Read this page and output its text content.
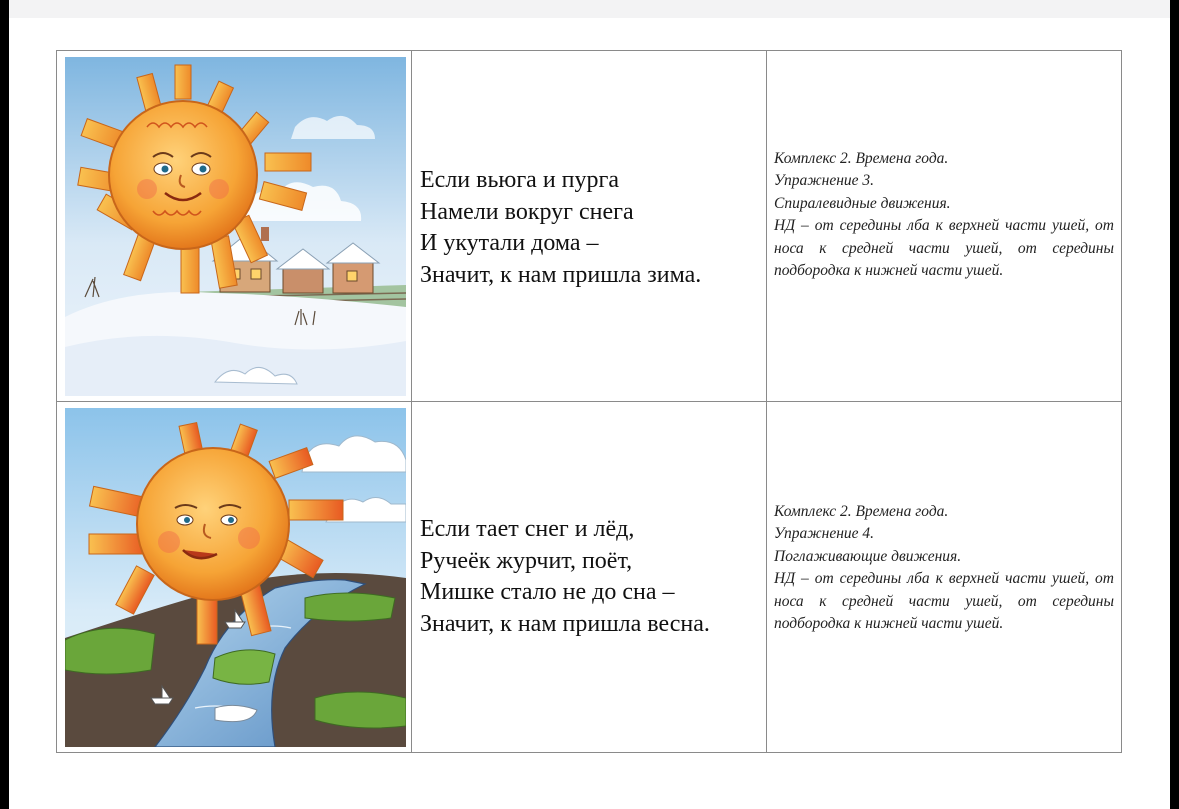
Если вьюга и пурга
Намели вокруг снега
И укутали дома –
Значит, к нам пришла зима.
Комплекс 2. Времена года.
Упражнение 3.
Спиралевидные движения.
НД – от середины лба к верхней части ушей, от носа к средней части ушей, от середины подбородка к нижней части ушей.
Если тает снег и лёд,
Ручеёк журчит, поёт,
Мишке стало не до сна –
Значит, к нам пришла весна.
Комплекс 2. Времена года.
Упражнение 4.
Поглаживающие движения.
НД – от середины лба к верхней части ушей, от носа к средней части ушей, от середины подбородка к нижней части ушей.
